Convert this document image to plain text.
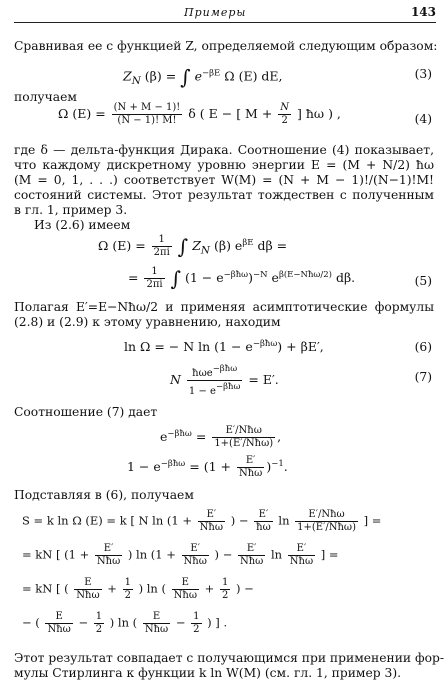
Примеры	143
Сравнивая ее с функцией Z, определяемой следующим образом:
$Z_N$ (β) = ∫ $e^{-\beta E}$ Ω (E) dE,	(3)
получаем
Ω $(E) = \frac{(N + M - 1)!}{(N - 1)! M!}$ δ ( E − [ $M + \frac{N}{2}$ ] ħω ) ,	(4)
где δ — дельта-функция Дирака. Соотношение (4) показывает,
что каждому дискретному уровню энергии E = (M + N/2) ħω
(M = 0, 1, . . .) соответствует W(M) = (N + M − 1)!/(N−1)!M!
состояний системы. Этот результат тождествен с полученным
в гл. 1, пример 3.
Из (2.6) имеем
Ω $(E) = \frac{1}{2\pi i}$ ∫ $Z_N$ (β) $e^{\beta E}$ dβ =
= $\frac{1}{2\pi i}$ ∫ $(1 - e^{-\beta ħ\omega})^{-N}$ $e^{\beta(E-Nħ\omega/2)}$ dβ.	(5)
Полагая E′=E−Nħω/2 и применяя асимптотические формулы
(2.8) и (2.9) к этому уравнению, находим
ln Ω = − N $\ln (1 - e^{-\beta ħ\omega}) + \beta E'$,	(6)
N $\frac{ħ\omega e^{-\beta ħ\omega}}{1 - e^{-\beta ħ\omega}} = E'$.	(7)
Соотношение (7) дает
$e^{-\beta ħ\omega} = \frac{\text{E′/Nħω}}{\text{1+(E′/Nħω)}}$ ,
$1 - e^{-\beta ħ\omega} = (1 + \frac{E'}{\text{Nħω}} )^{-1}$.
Подставляя в (6), получаем
S = k ln Ω (E) = k [ N $\ln (1 + \frac{E'}{\text{Nħω}}$ ) − $\frac{E'}{ħ\omega}$ $\ln \frac{\text{E′/Nħω}}{\text{1+(E′/Nħω)}}$ ] =
= kN [ ($1 + \frac{E'}{\text{Nħω}}$ ) $\ln (1 + \frac{E'}{\text{Nħω}}$ ) − $\frac{E'}{\text{Nħω}}$ $\ln \frac{E'}{\text{Nħω}}$ ] =
= kN [ ( $\frac{E}{\text{Nħω}} + \frac{1}{2}$ ) ln ( $\frac{E}{\text{Nħω}} + \frac{1}{2}$ ) −
− ( $\frac{E}{\text{Nħω}} - \frac{1}{2}$ ) ln ( $\frac{E}{\text{Nħω}} - \frac{1}{2}$ ) ] .
Этот результат совпадает с получающимся при применении фор-
мулы Стирлинга к функции k ln W(M) (см. гл. 1, пример 3).
